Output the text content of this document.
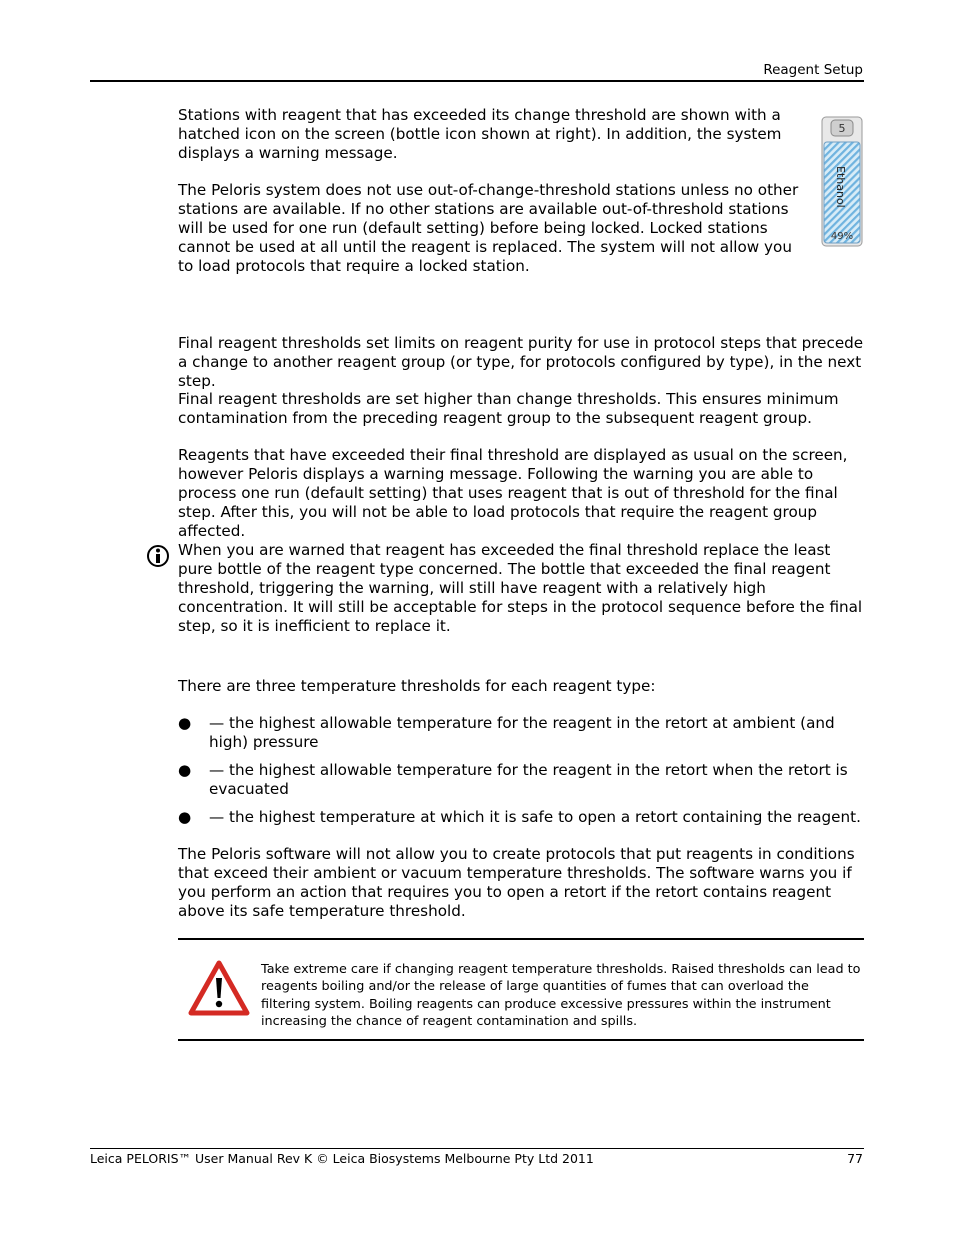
Reagent Setup

Stations with reagent that has exceeded its change threshold are shown with a hatched icon on the screen (bottle icon shown at right). In addition, the system displays a warning message.

5
Ethanol
49%

The Peloris system does not use out-of-change-threshold stations unless no other stations are available. If no other stations are available out-of-threshold stations will be used for one run (default setting) before being locked. Locked stations cannot be used at all until the reagent is replaced. The system will not allow you to load protocols that require a locked station.

Final reagent thresholds set limits on reagent purity for use in protocol steps that precede a change to another reagent group (or type, for protocols configured by type), in the next step.

Final reagent thresholds are set higher than change thresholds. This ensures minimum contamination from the preceding reagent group to the subsequent reagent group.

Reagents that have exceeded their final threshold are displayed as usual on the screen, however Peloris displays a warning message. Following the warning you are able to process one run (default setting) that uses reagent that is out of threshold for the final step. After this, you will not be able to load protocols that require the reagent group affected.

When you are warned that reagent has exceeded the final threshold replace the least pure bottle of the reagent type concerned. The bottle that exceeded the final reagent threshold, triggering the warning, will still have reagent with a relatively high concentration. It will still be acceptable for steps in the protocol sequence before the final step, so it is inefficient to replace it.

There are three temperature thresholds for each reagent type:

● — the highest allowable temperature for the reagent in the retort at ambient (and high) pressure
● — the highest allowable temperature for the reagent in the retort when the retort is evacuated
● — the highest temperature at which it is safe to open a retort containing the reagent.

The Peloris software will not allow you to create protocols that put reagents in conditions that exceed their ambient or vacuum temperature thresholds. The software warns you if you perform an action that requires you to open a retort if the retort contains reagent above its safe temperature threshold.

Take extreme care if changing reagent temperature thresholds. Raised thresholds can lead to reagents boiling and/or the release of large quantities of fumes that can overload the filtering system. Boiling reagents can produce excessive pressures within the instrument increasing the chance of reagent contamination and spills.

Leica PELORIS™ User Manual Rev K © Leica Biosystems Melbourne Pty Ltd 2011	77
